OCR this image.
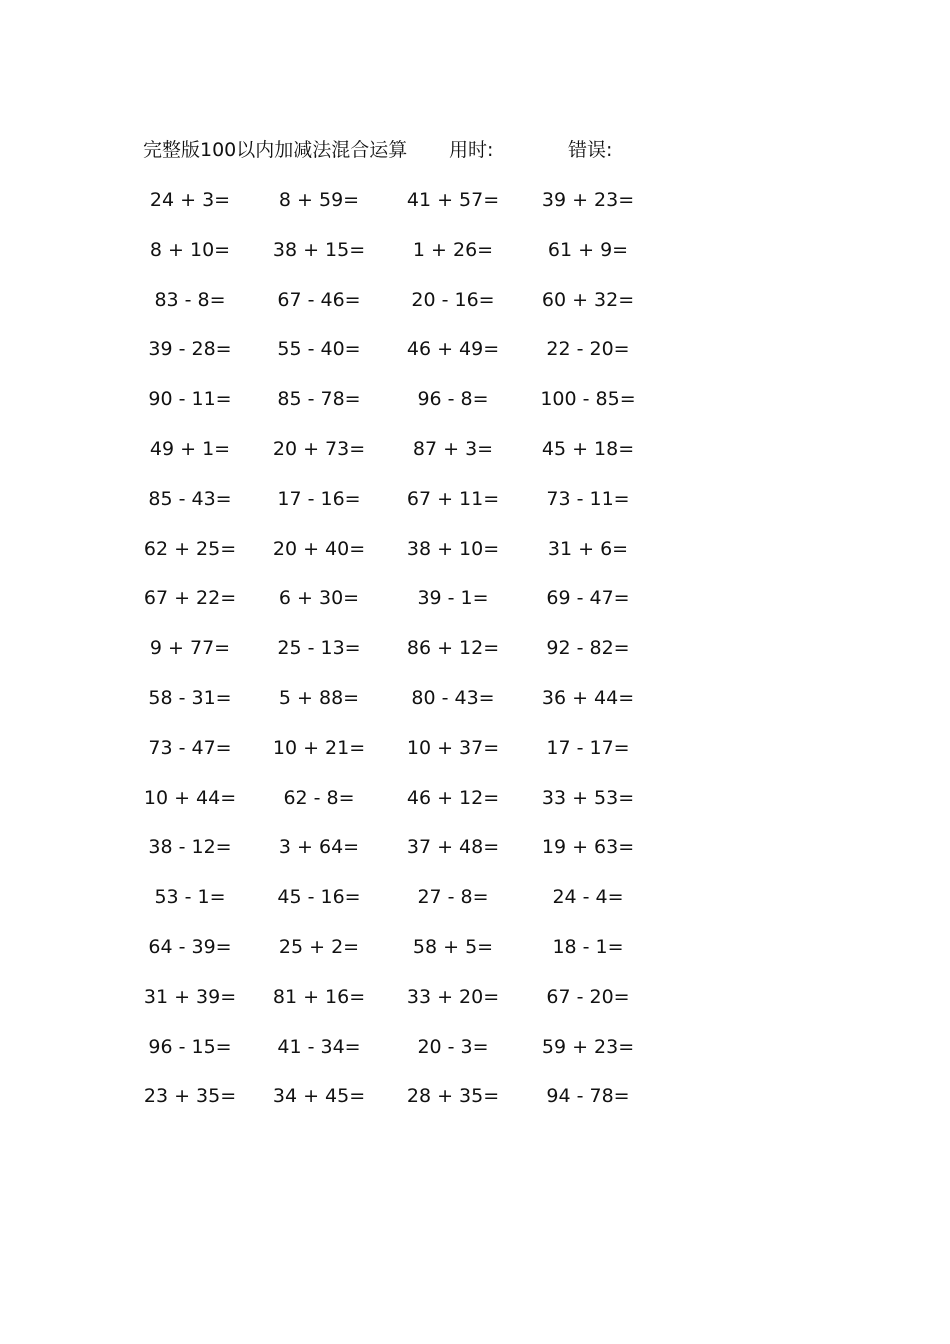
完整版100以内加减法混合运算 用时:	错误:
24 + 3=	8 + 59=	41 + 57=	39 + 23=
8 + 10=	38 + 15=	1 + 26=	61 + 9=
83 - 8=	67 - 46=	20 - 16=	60 + 32=
39 - 28=	55 - 40=	46 + 49=	22 - 20=
90 - 11=	85 - 78=	96 - 8=	100 - 85=
49 + 1=	20 + 73=	87 + 3=	45 + 18=
85 - 43=	17 - 16=	67 + 11=	73 - 11=
62 + 25=	20 + 40=	38 + 10=	31 + 6=
67 + 22=	6 + 30=	39 - 1=	69 - 47=
9 + 77=	25 - 13=	86 + 12=	92 - 82=
58 - 31=	5 + 88=	80 - 43=	36 + 44=
73 - 47=	10 + 21=	10 + 37=	17 - 17=
10 + 44=	62 - 8=	46 + 12=	33 + 53=
38 - 12=	3 + 64=	37 + 48=	19 + 63=
53 - 1=	45 - 16=	27 - 8=	24 - 4=
64 - 39=	25 + 2=	58 + 5=	18 - 1=
31 + 39=	81 + 16=	33 + 20=	67 - 20=
96 - 15=	41 - 34=	20 - 3=	59 + 23=
23 + 35=	34 + 45=	28 + 35=	94 - 78=
